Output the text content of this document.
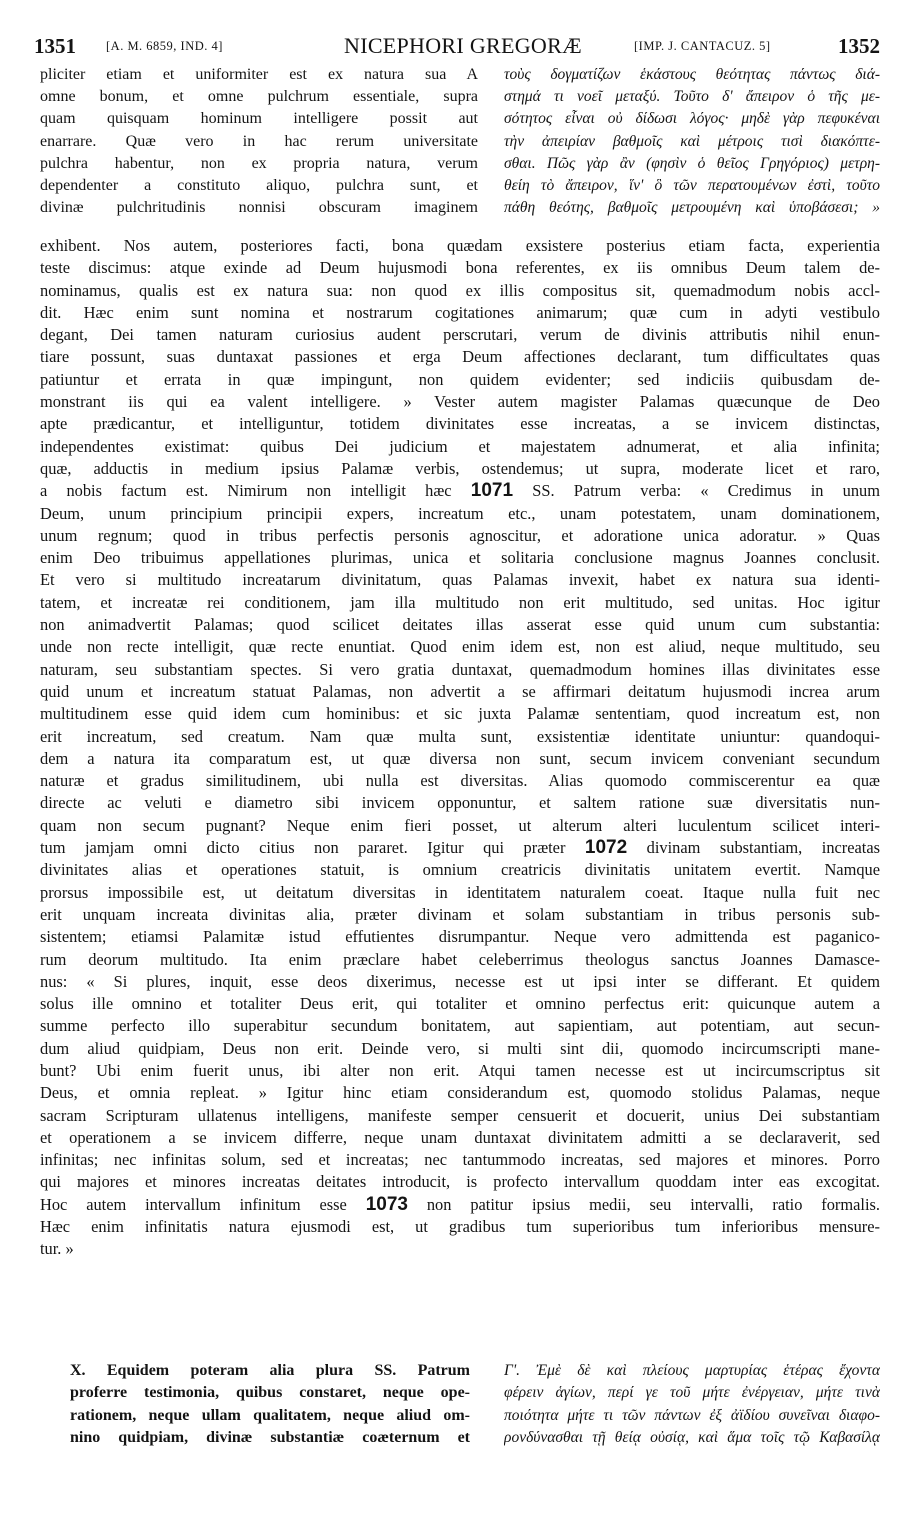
1351 [A. M. 6859, IND. 4]	NICEPHORI GREGORÆ	[IMP. J. CANTACUZ. 5]	1352
pliciter etiam et uniformiter est ex natura sua A
omne bonum, et omne pulchrum essentiale, supra
quam quisquam hominum intelligere possit aut
enarrare. Quæ vero in hac rerum universitate
pulchra habentur, non ex propria natura, verum
dependenter a constituto aliquo, pulchra sunt, et
divinæ pulchritudinis nonnisi obscuram imaginem
τοὺς δογματίζων ἑκάστους θεότητας πάντως διά-
στημά τι νοεῖ μεταξύ. Τοῦτο δ' ἄπειρον ὁ τῆς με-
σότητος εἶναι οὐ δίδωσι λόγος· μηδὲ γὰρ πεφυκέναι
τὴν ἀπειρίαν βαθμοῖς καὶ μέτροις τισὶ διακόπτε-
σθαι. Πῶς γὰρ ἂν (φησὶν ὁ θεῖος Γρηγόριος) μετρη-
θείη τὸ ἄπειρον, ἵν' ὃ τῶν περατουμένων ἐστὶ, τοῦτο
πάθη θεότης, βαθμοῖς μετρουμένη καὶ ὑποβάσεσι; »
exhibent. Nos autem, posteriores facti, bona quædam exsistere posterius etiam facta, experientia
teste discimus: atque exinde ad Deum hujusmodi bona referentes, ex iis omnibus Deum talem de-
nominamus, qualis est ex natura sua: non quod ex illis compositus sit, quemadmodum nobis accl-
dit. Hæc enim sunt nomina et nostrarum cogitationes animarum; quæ cum in adyti vestibulo
degant, Dei tamen naturam curiosius audent perscrutari, verum de divinis attributis nihil enun-
tiare possunt, suas duntaxat passiones et erga Deum affectiones declarant, tum difficultates quas
patiuntur et errata in quæ impingunt, non quidem evidenter; sed indiciis quibusdam de-
monstrant iis qui ea valent intelligere. » Vester autem magister Palamas quæcunque de Deo
apte prædicantur, et intelliguntur, totidem divinitates esse increatas, a se invicem distinctas,
independentes existimat: quibus Dei judicium et majestatem adnumerat, et alia infinita;
quæ, adductis in medium ipsius Palamæ verbis, ostendemus; ut supra, moderate licet et raro,
a nobis factum est. Nimirum non intelligit hæc 1071 SS. Patrum verba: « Credimus in unum
Deum, unum principium principii expers, increatum etc., unam potestatem, unam dominationem,
unum regnum; quod in tribus perfectis personis agnoscitur, et adoratione unica adoratur. » Quas
enim Deo tribuimus appellationes plurimas, unica et solitaria conclusione magnus Joannes conclusit.
Et vero si multitudo increatarum divinitatum, quas Palamas invexit, habet ex natura sua identi-
tatem, et increatæ rei conditionem, jam illa multitudo non erit multitudo, sed unitas. Hoc igitur
non animadvertit Palamas; quod scilicet deitates illas asserat esse quid unum cum substantia:
unde non recte intelligit, quæ recte enuntiat. Quod enim idem est, non est aliud, neque multitudo, seu
naturam, seu substantiam spectes. Si vero gratia duntaxat, quemadmodum homines illas divinitates esse
quid unum et increatum statuat Palamas, non advertit a se affirmari deitatum hujusmodi increa arum
multitudinem esse quid idem cum hominibus: et sic juxta Palamæ sententiam, quod increatum est, non
erit increatum, sed creatum. Nam quæ multa sunt, exsistentiæ identitate uniuntur: quandoqui-
dem a natura ita comparatum est, ut quæ diversa non sunt, secum invicem conveniant secundum
naturæ et gradus similitudinem, ubi nulla est diversitas. Alias quomodo commiscerentur ea quæ
directe ac veluti e diametro sibi invicem opponuntur, et saltem ratione suæ diversitatis nun-
quam non secum pugnant? Neque enim fieri posset, ut alterum alteri luculentum scilicet interi-
tum jamjam omni dicto citius non pararet. Igitur qui præter 1072 divinam substantiam, increatas
divinitates alias et operationes statuit, is omnium creatricis divinitatis unitatem evertit. Namque
prorsus impossibile est, ut deitatum diversitas in identitatem naturalem coeat. Itaque nulla fuit nec
erit unquam increata divinitas alia, præter divinam et solam substantiam in tribus personis sub-
sistentem; etiamsi Palamitæ istud effutientes disrumpantur. Neque vero admittenda est paganico-
rum deorum multitudo. Ita enim præclare habet celeberrimus theologus sanctus Joannes Damasce-
nus: « Si plures, inquit, esse deos dixerimus, necesse est ut ipsi inter se differant. Et quidem
solus ille omnino et totaliter Deus erit, qui totaliter et omnino perfectus erit: quicunque autem a
summe perfecto illo superabitur secundum bonitatem, aut sapientiam, aut potentiam, aut secun-
dum aliud quidpiam, Deus non erit. Deinde vero, si multi sint dii, quomodo incircumscripti mane-
bunt? Ubi enim fuerit unus, ibi alter non erit. Atqui tamen necesse est ut incircumscriptus sit
Deus, et omnia repleat. » Igitur hinc etiam considerandum est, quomodo stolidus Palamas, neque
sacram Scripturam ullatenus intelligens, manifeste semper censuerit et docuerit, unius Dei substantiam
et operationem a se invicem differre, neque unam duntaxat divinitatem admitti a se declaraverit, sed
infinitas; nec infinitas solum, sed et increatas; nec tantummodo increatas, sed majores et minores. Porro
qui majores et minores increatas deitates introducit, is profecto intervallum quoddam inter eas excogitat.
Hoc autem intervallum infinitum esse 1073 non patitur ipsius medii, seu intervalli, ratio formalis.
Hæc enim infinitatis natura ejusmodi est, ut gradibus tum superioribus tum inferioribus mensure-
tur. »
X. Equidem poteram alia plura SS. Patrum
proferre testimonia, quibus constaret, neque ope-
rationem, neque ullam qualitatem, neque aliud om-
nino quidpiam, divinæ substantiæ coæternum et
Γ'. Ἐμὲ δὲ καὶ πλείους μαρτυρίας ἑτέρας ἔχοντα
φέρειν ἁγίων, περί γε τοῦ μήτε ἐνέργειαν, μήτε τινὰ
ποιότητα μήτε τι τῶν πάντων ἐξ ἀϊδίου συνεῖναι διαφο-
ρονδύνασθαι τῇ θείᾳ οὐσίᾳ, καὶ ἅμα τοῖς τῷ Καβασίλᾳ
